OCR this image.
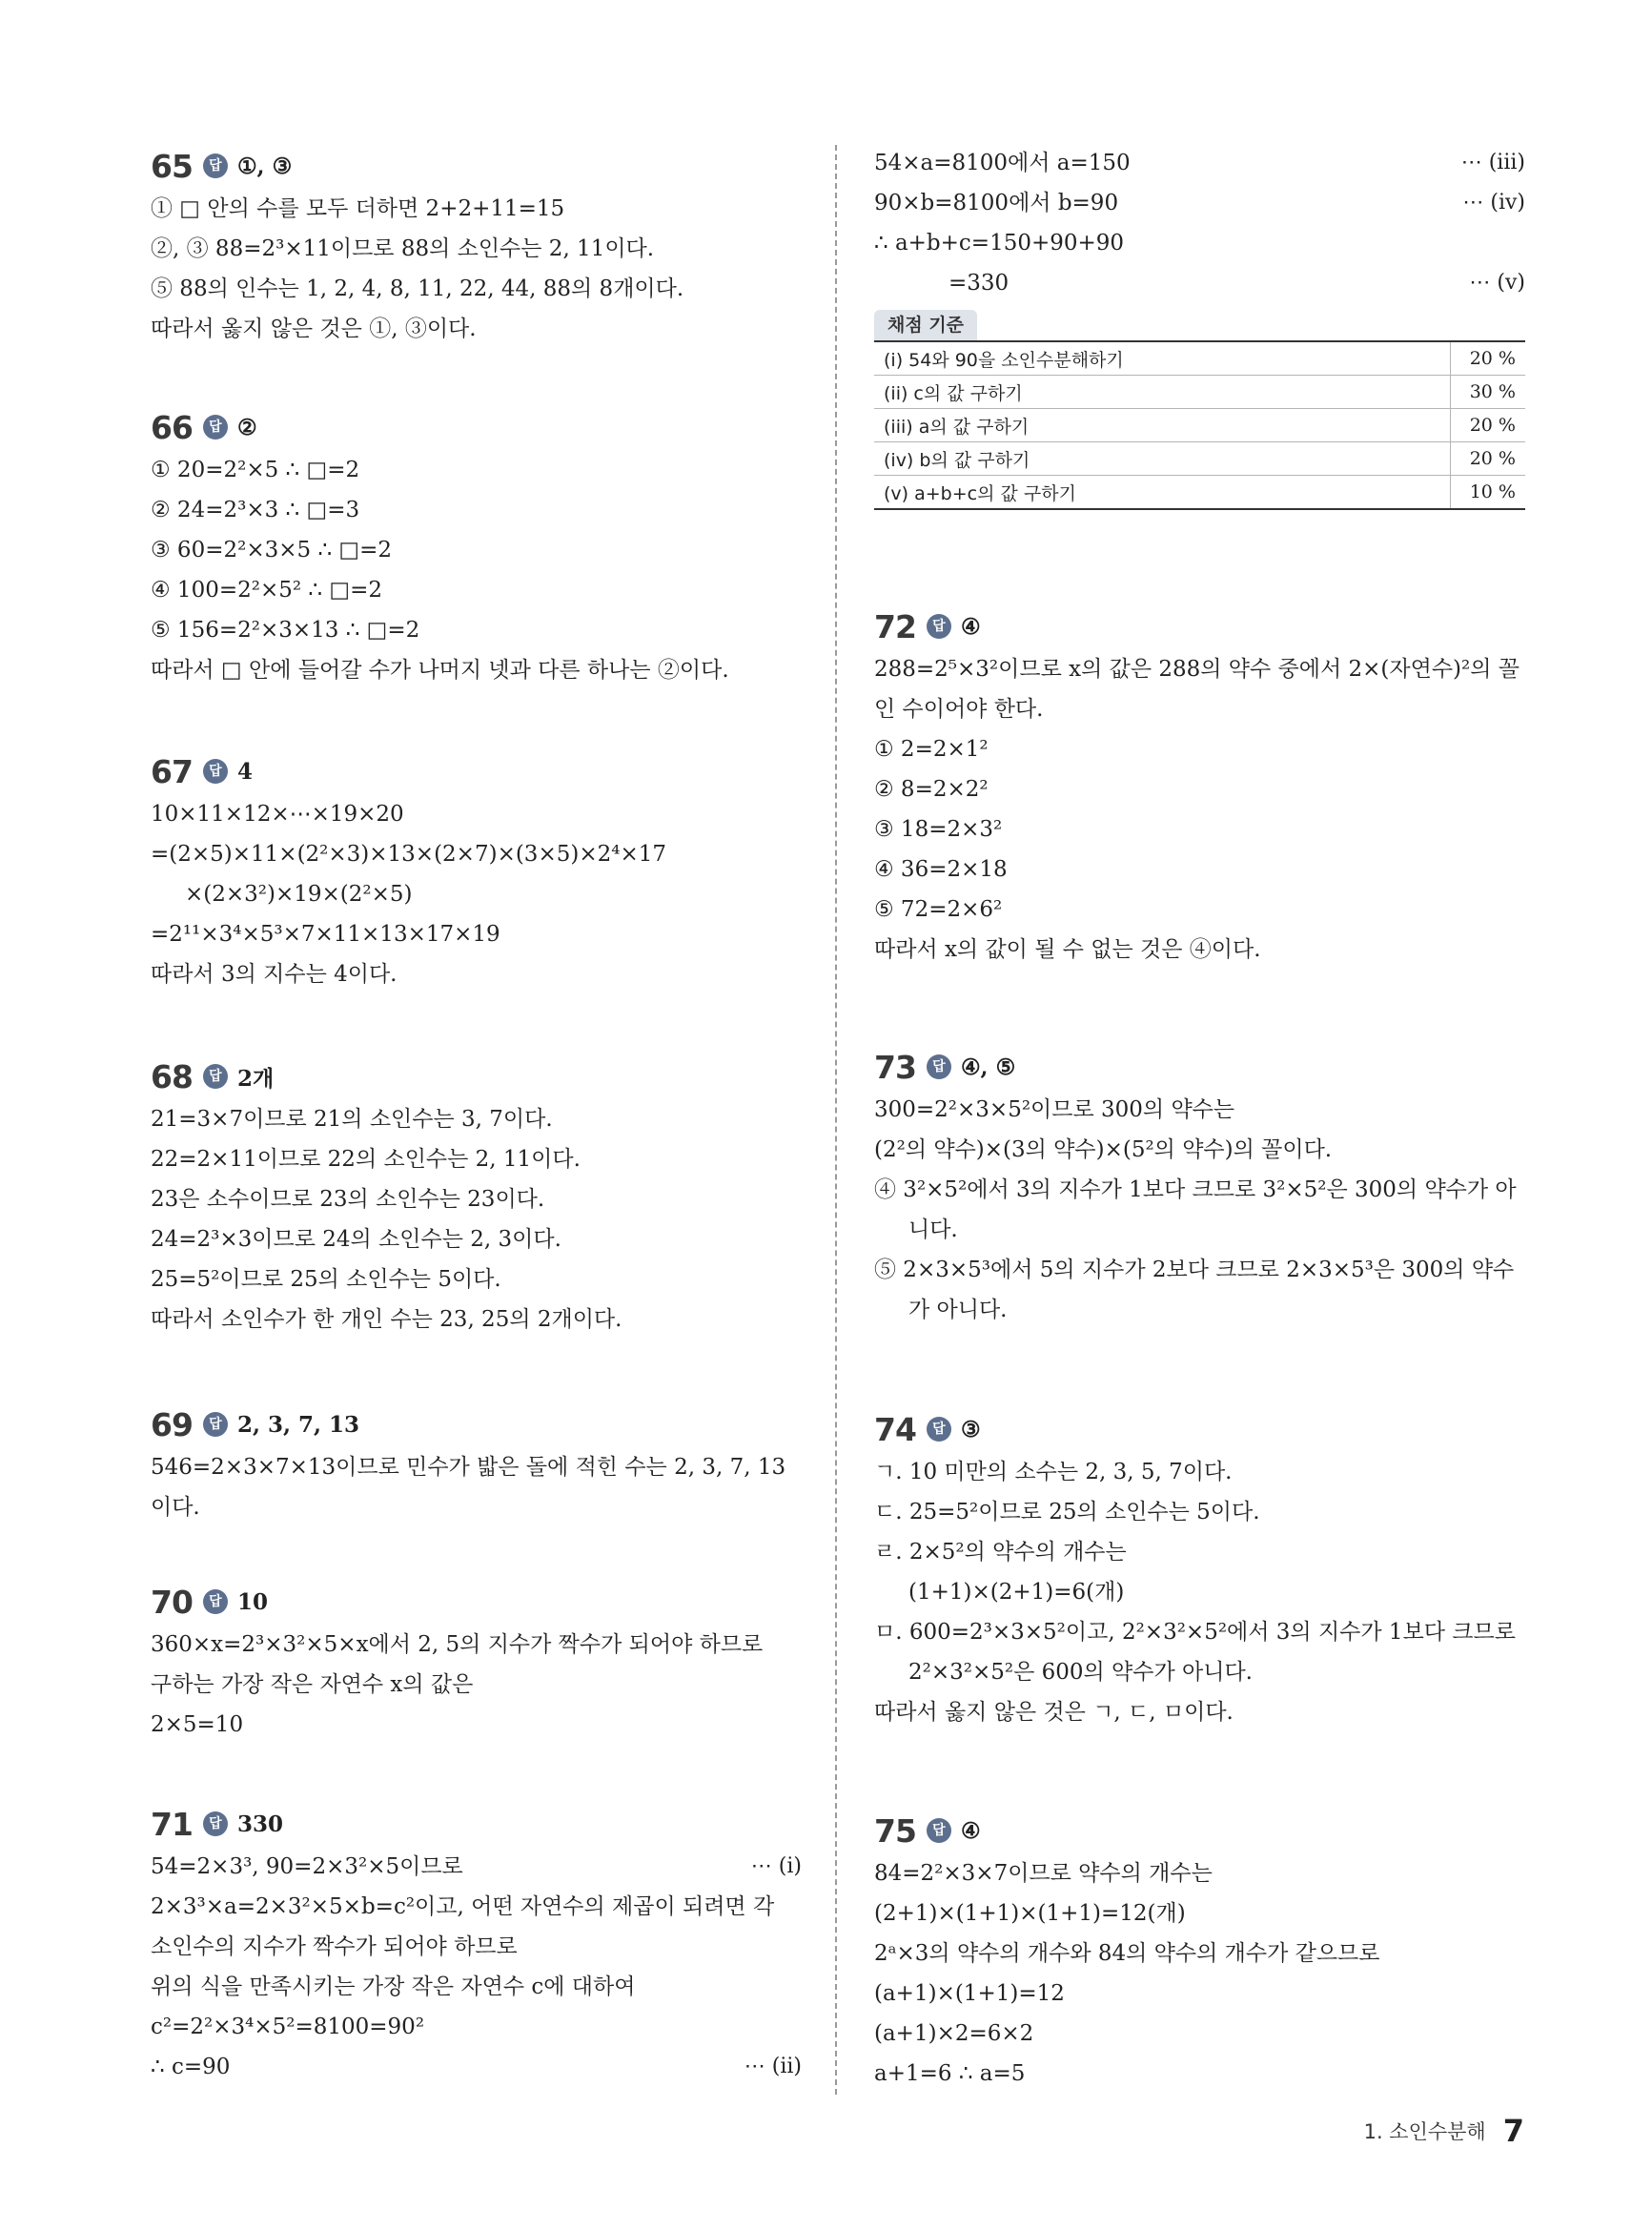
65	답 ①, ③
① □ 안의 수를 모두 더하면 2+2+11=15
②, ③ 88=2³×11이므로 88의 소인수는 2, 11이다.
⑤ 88의 인수는 1, 2, 4, 8, 11, 22, 44, 88의 8개이다.
따라서 옳지 않은 것은 ①, ③이다.
66	답 ②
① 20=2²×5 ∴ □=2
② 24=2³×3 ∴ □=3
③ 60=2²×3×5 ∴ □=2
④ 100=2²×5² ∴ □=2
⑤ 156=2²×3×13 ∴ □=2
따라서 □ 안에 들어갈 수가 나머지 넷과 다른 하나는 ②이다.
67	답 4
10×11×12×⋯×19×20
=(2×5)×11×(2²×3)×13×(2×7)×(3×5)×2⁴×17
×(2×3²)×19×(2²×5)
=2¹¹×3⁴×5³×7×11×13×17×19
따라서 3의 지수는 4이다.
68	답 2개
21=3×7이므로 21의 소인수는 3, 7이다.
22=2×11이므로 22의 소인수는 2, 11이다.
23은 소수이므로 23의 소인수는 23이다.
24=2³×3이므로 24의 소인수는 2, 3이다.
25=5²이므로 25의 소인수는 5이다.
따라서 소인수가 한 개인 수는 23, 25의 2개이다.
69	답 2, 3, 7, 13
546=2×3×7×13이므로 민수가 밟은 돌에 적힌 수는 2, 3, 7, 13
이다.
70	답 10
360×x=2³×3²×5×x에서 2, 5의 지수가 짝수가 되어야 하므로
구하는 가장 작은 자연수 x의 값은
2×5=10
71	답 330
54=2×3³, 90=2×3²×5이므로	⋯ (i)
2×3³×a=2×3²×5×b=c²이고, 어떤 자연수의 제곱이 되려면 각
소인수의 지수가 짝수가 되어야 하므로
위의 식을 만족시키는 가장 작은 자연수 c에 대하여
c²=2²×3⁴×5²=8100=90²
∴ c=90	⋯ (ii)
54×a=8100에서 a=150	⋯ (iii)
90×b=8100에서 b=90	⋯ (iv)
∴ a+b+c=150+90+90
=330	⋯ (v)
채점 기준
(i) 54와 90을 소인수분해하기	20 %
(ii) c의 값 구하기	30 %
(iii) a의 값 구하기	20 %
(iv) b의 값 구하기	20 %
(v) a+b+c의 값 구하기	10 %
72	답 ④
288=2⁵×3²이므로 x의 값은 288의 약수 중에서 2×(자연수)²의 꼴
인 수이어야 한다.
① 2=2×1²
② 8=2×2²
③ 18=2×3²
④ 36=2×18
⑤ 72=2×6²
따라서 x의 값이 될 수 없는 것은 ④이다.
73	답 ④, ⑤
300=2²×3×5²이므로 300의 약수는
(2²의 약수)×(3의 약수)×(5²의 약수)의 꼴이다.
④ 3²×5²에서 3의 지수가 1보다 크므로 3²×5²은 300의 약수가 아
니다.
⑤ 2×3×5³에서 5의 지수가 2보다 크므로 2×3×5³은 300의 약수
가 아니다.
74	답 ③
ㄱ. 10 미만의 소수는 2, 3, 5, 7이다.
ㄷ. 25=5²이므로 25의 소인수는 5이다.
ㄹ. 2×5²의 약수의 개수는
(1+1)×(2+1)=6(개)
ㅁ. 600=2³×3×5²이고, 2²×3²×5²에서 3의 지수가 1보다 크므로
2²×3²×5²은 600의 약수가 아니다.
따라서 옳지 않은 것은 ㄱ, ㄷ, ㅁ이다.
75	답 ④
84=2²×3×7이므로 약수의 개수는
(2+1)×(1+1)×(1+1)=12(개)
2ᵃ×3의 약수의 개수와 84의 약수의 개수가 같으므로
(a+1)×(1+1)=12
(a+1)×2=6×2
a+1=6 ∴ a=5
1. 소인수분해 7
